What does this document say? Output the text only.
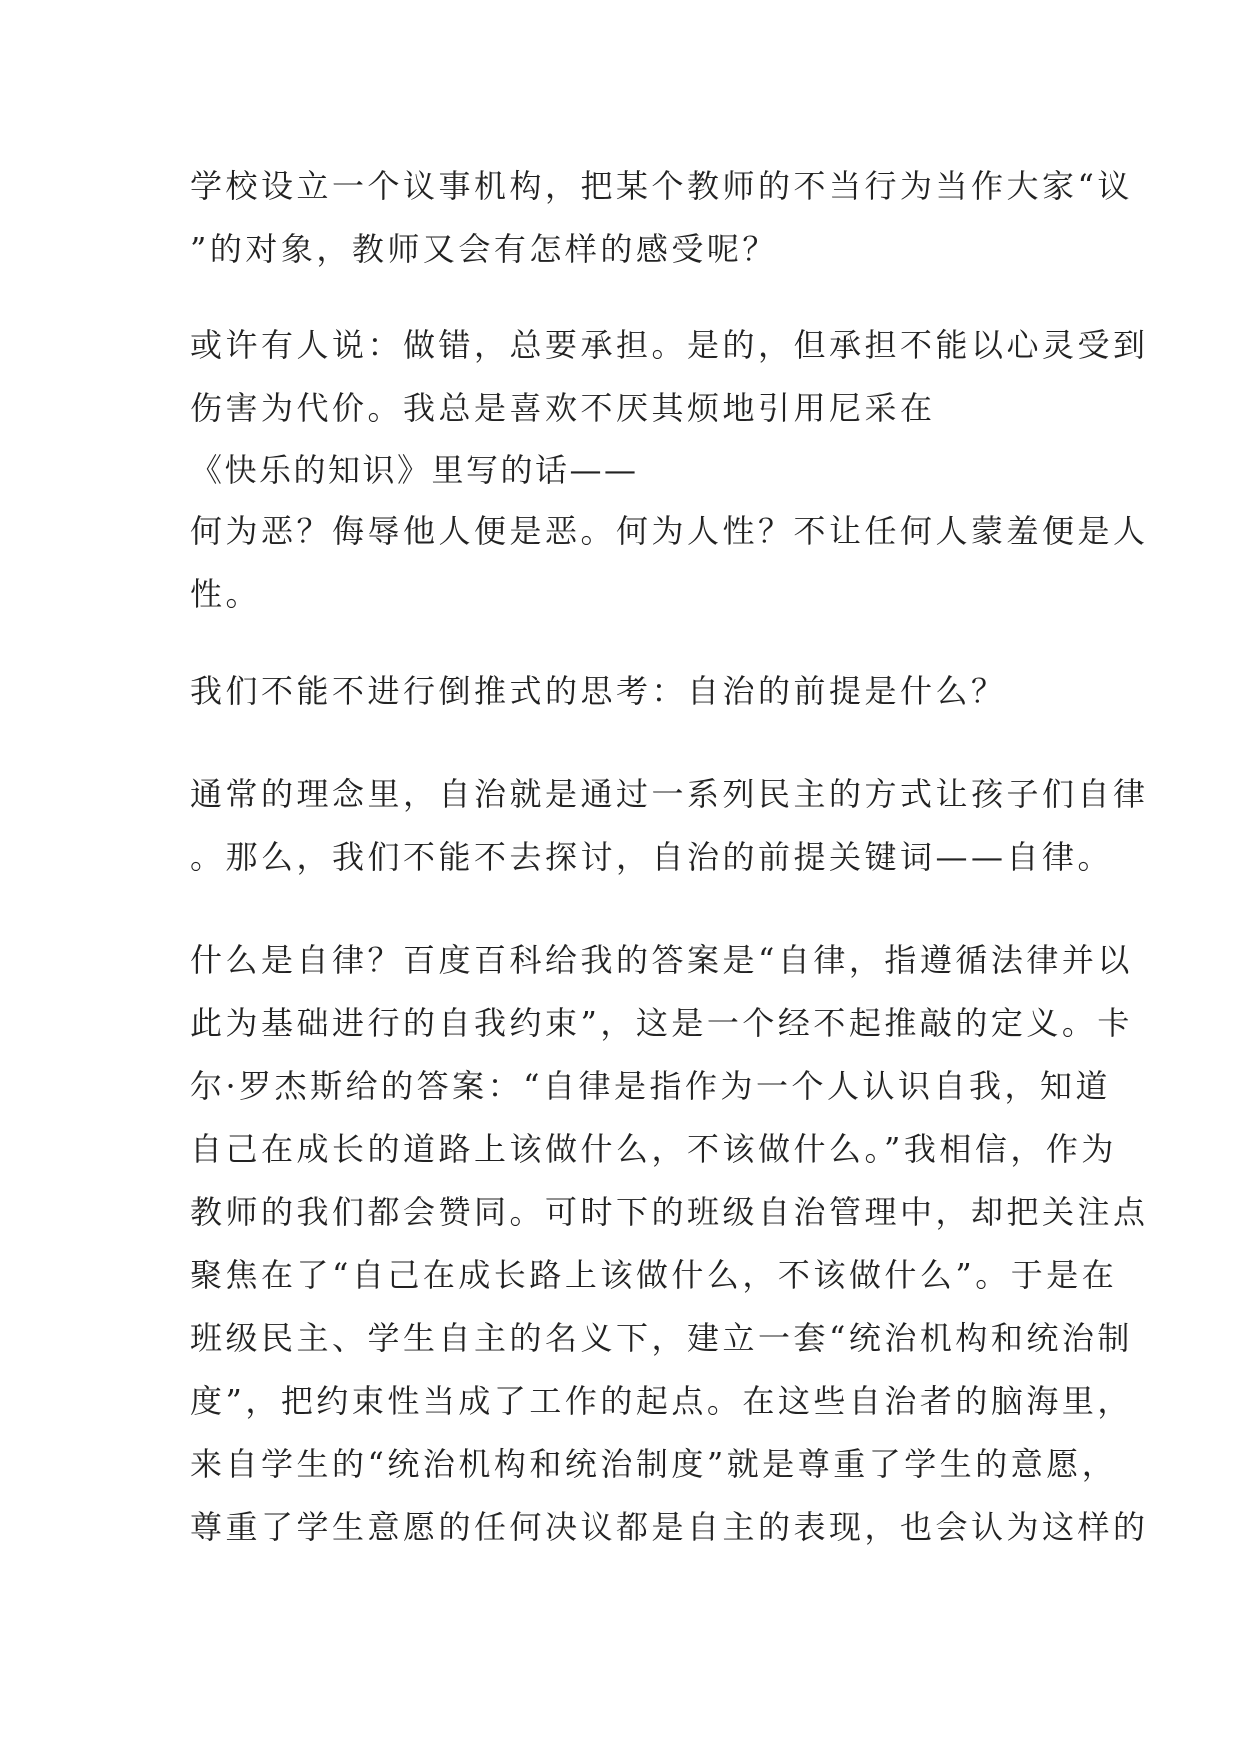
学校设立一个议事机构，把某个教师的不当行为当作大家“议
”的对象，教师又会有怎样的感受呢？
或许有人说：做错，总要承担。是的，但承担不能以心灵受到
伤害为代价。我总是喜欢不厌其烦地引用尼采在
《快乐的知识》里写的话——
何为恶？侮辱他人便是恶。何为人性？不让任何人蒙羞便是人
性。
我们不能不进行倒推式的思考：自治的前提是什么？
通常的理念里，自治就是通过一系列民主的方式让孩子们自律
。那么，我们不能不去探讨，自治的前提关键词——自律。
什么是自律？百度百科给我的答案是“自律，指遵循法律并以
此为基础进行的自我约束”，这是一个经不起推敲的定义。卡
尔·罗杰斯给的答案：“自律是指作为一个人认识自我，知道
自己在成长的道路上该做什么，不该做什么。”我相信，作为
教师的我们都会赞同。可时下的班级自治管理中，却把关注点
聚焦在了“自己在成长路上该做什么，不该做什么”。于是在
班级民主、学生自主的名义下，建立一套“统治机构和统治制
度”，把约束性当成了工作的起点。在这些自治者的脑海里，
来自学生的“统治机构和统治制度”就是尊重了学生的意愿，
尊重了学生意愿的任何决议都是自主的表现，也会认为这样的
